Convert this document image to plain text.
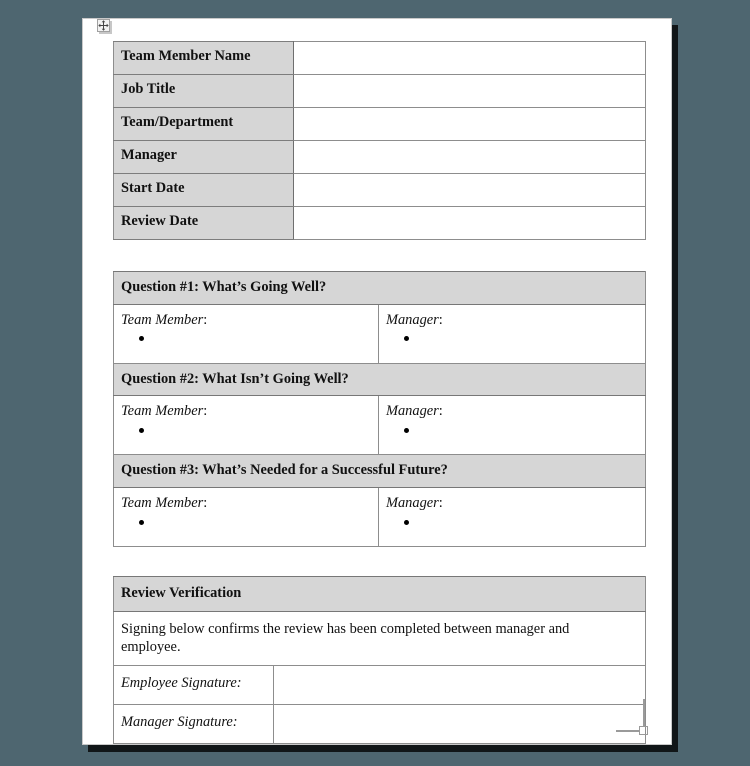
Team Member Name	

Job Title	

Team/Department	

Manager	

Start Date	

Review Date	

Question #1: What’s Going Well?	

Team Member:	Manager:

Question #2: What Isn’t Going Well?	

Team Member:	Manager:

Question #3: What’s Needed for a Successful Future?	

Team Member:	Manager:
Review Verification	

Signing below confirms the review has been completed between manager and employee.	

Employee Signature:	

Manager Signature:	
